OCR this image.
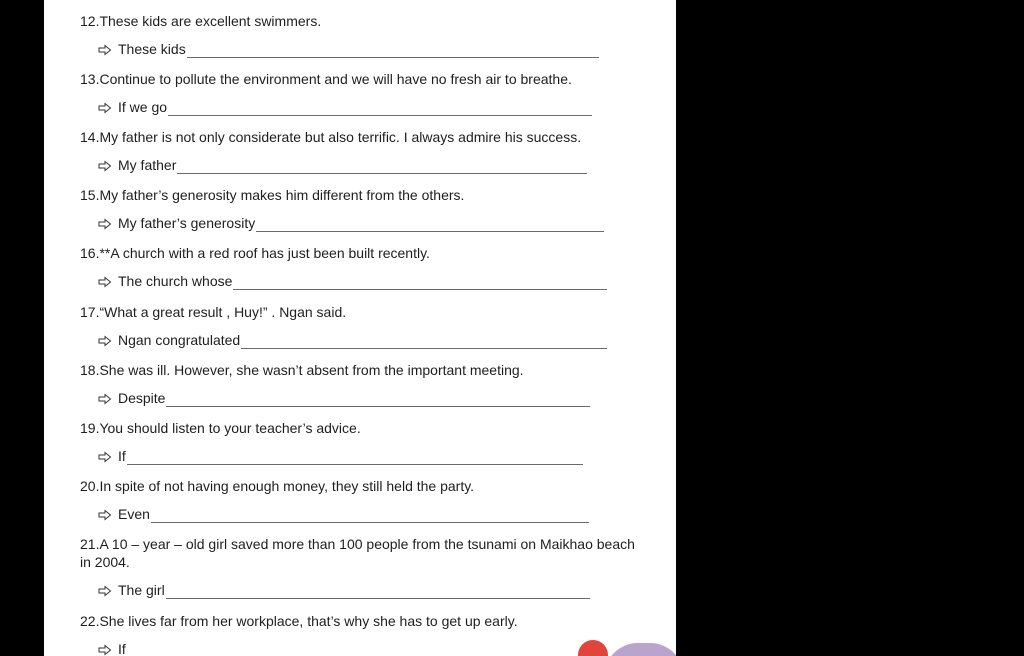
12.These kids are excellent swimmers.
These kids
13.Continue to pollute the environment and we will have no fresh air to breathe.
If we go
14.My father is not only considerate but also terrific. I always admire his success.
My father
15.My father’s generosity makes him different from the others.
My father’s generosity
16.**A church with a red roof has just been built recently.
The church whose
17.“What a great result , Huy!” . Ngan said.
Ngan congratulated
18.She was ill. However, she wasn’t absent from the important meeting.
Despite
19.You should listen to your teacher’s advice.
If
20.In spite of not having enough money, they still held the party.
Even
21.A 10 – year – old girl saved more than 100 people from the tsunami on Maikhao beach in 2004.
The girl
22.She lives far from her workplace, that’s why she has to get up early.
If
